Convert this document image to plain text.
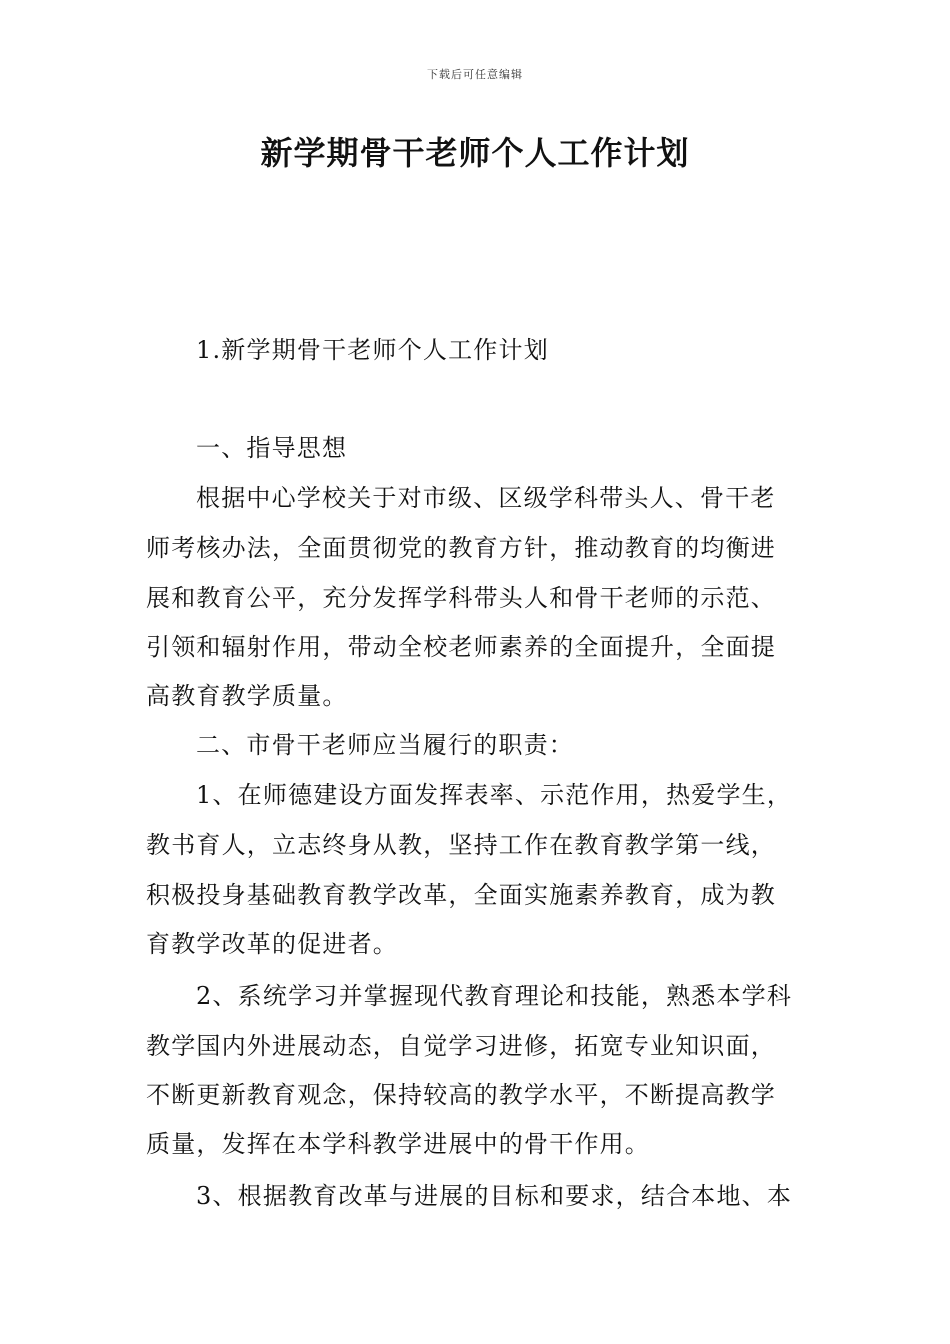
下载后可任意编辑
新学期骨干老师个人工作计划
1.新学期骨干老师个人工作计划
一、指导思想
根据中心学校关于对市级、区级学科带头人、骨干老
师考核办法，全面贯彻党的教育方针，推动教育的均衡进
展和教育公平，充分发挥学科带头人和骨干老师的示范、
引领和辐射作用，带动全校老师素养的全面提升，全面提
高教育教学质量。
二、市骨干老师应当履行的职责：
1、在师德建设方面发挥表率、示范作用，热爱学生，
教书育人，立志终身从教，坚持工作在教育教学第一线，
积极投身基础教育教学改革，全面实施素养教育，成为教
育教学改革的促进者。
2、系统学习并掌握现代教育理论和技能，熟悉本学科
教学国内外进展动态，自觉学习进修，拓宽专业知识面，
不断更新教育观念，保持较高的教学水平，不断提高教学
质量，发挥在本学科教学进展中的骨干作用。
3、根据教育改革与进展的目标和要求，结合本地、本
